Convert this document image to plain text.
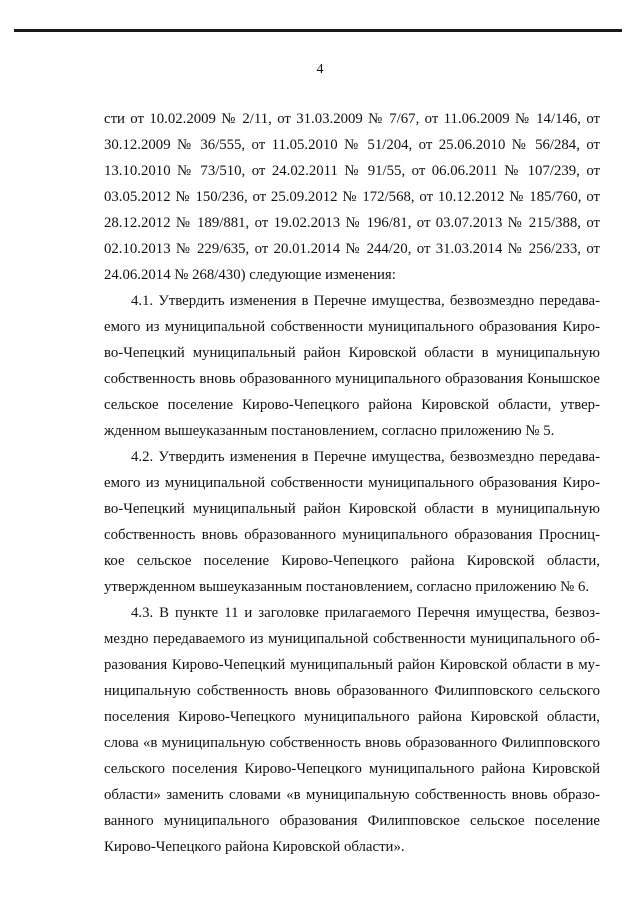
4
сти от 10.02.2009 № 2/11, от 31.03.2009 № 7/67, от 11.06.2009 № 14/146, от
30.12.2009 № 36/555, от 11.05.2010 № 51/204, от 25.06.2010 № 56/284, от
13.10.2010 № 73/510, от 24.02.2011 № 91/55, от 06.06.2011 № 107/239, от
03.05.2012 № 150/236, от 25.09.2012 № 172/568, от 10.12.2012 № 185/760, от
28.12.2012 № 189/881, от 19.02.2013 № 196/81, от 03.07.2013 № 215/388, от
02.10.2013 № 229/635, от 20.01.2014 № 244/20, от 31.03.2014 № 256/233, от
24.06.2014 № 268/430) следующие изменения:
4.1. Утвердить изменения в Перечне имущества, безвозмездно передава-
емого из муниципальной собственности муниципального образования Киро-
во-Чепецкий муниципальный район Кировской области в муниципальную
собственность вновь образованного муниципального образования Конышское
сельское поселение Кирово-Чепецкого района Кировской области, утвер-
жденном вышеуказанным постановлением, согласно приложению № 5.
4.2. Утвердить изменения в Перечне имущества, безвозмездно передава-
емого из муниципальной собственности муниципального образования Киро-
во-Чепецкий муниципальный район Кировской области в муниципальную
собственность вновь образованного муниципального образования Просниц-
кое сельское поселение Кирово-Чепецкого района Кировской области,
утвержденном вышеуказанным постановлением, согласно приложению № 6.
4.3. В пункте 11 и заголовке прилагаемого Перечня имущества, безвоз-
мездно передаваемого из муниципальной собственности муниципального об-
разования Кирово-Чепецкий муниципальный район Кировской области в му-
ниципальную собственность вновь образованного Филипповского сельского
поселения Кирово-Чепецкого муниципального района Кировской области,
слова «в муниципальную собственность вновь образованного Филипповского
сельского поселения Кирово-Чепецкого муниципального района Кировской
области» заменить словами «в муниципальную собственность вновь образо-
ванного муниципального образования Филипповское сельское поселение
Кирово-Чепецкого района Кировской области».
